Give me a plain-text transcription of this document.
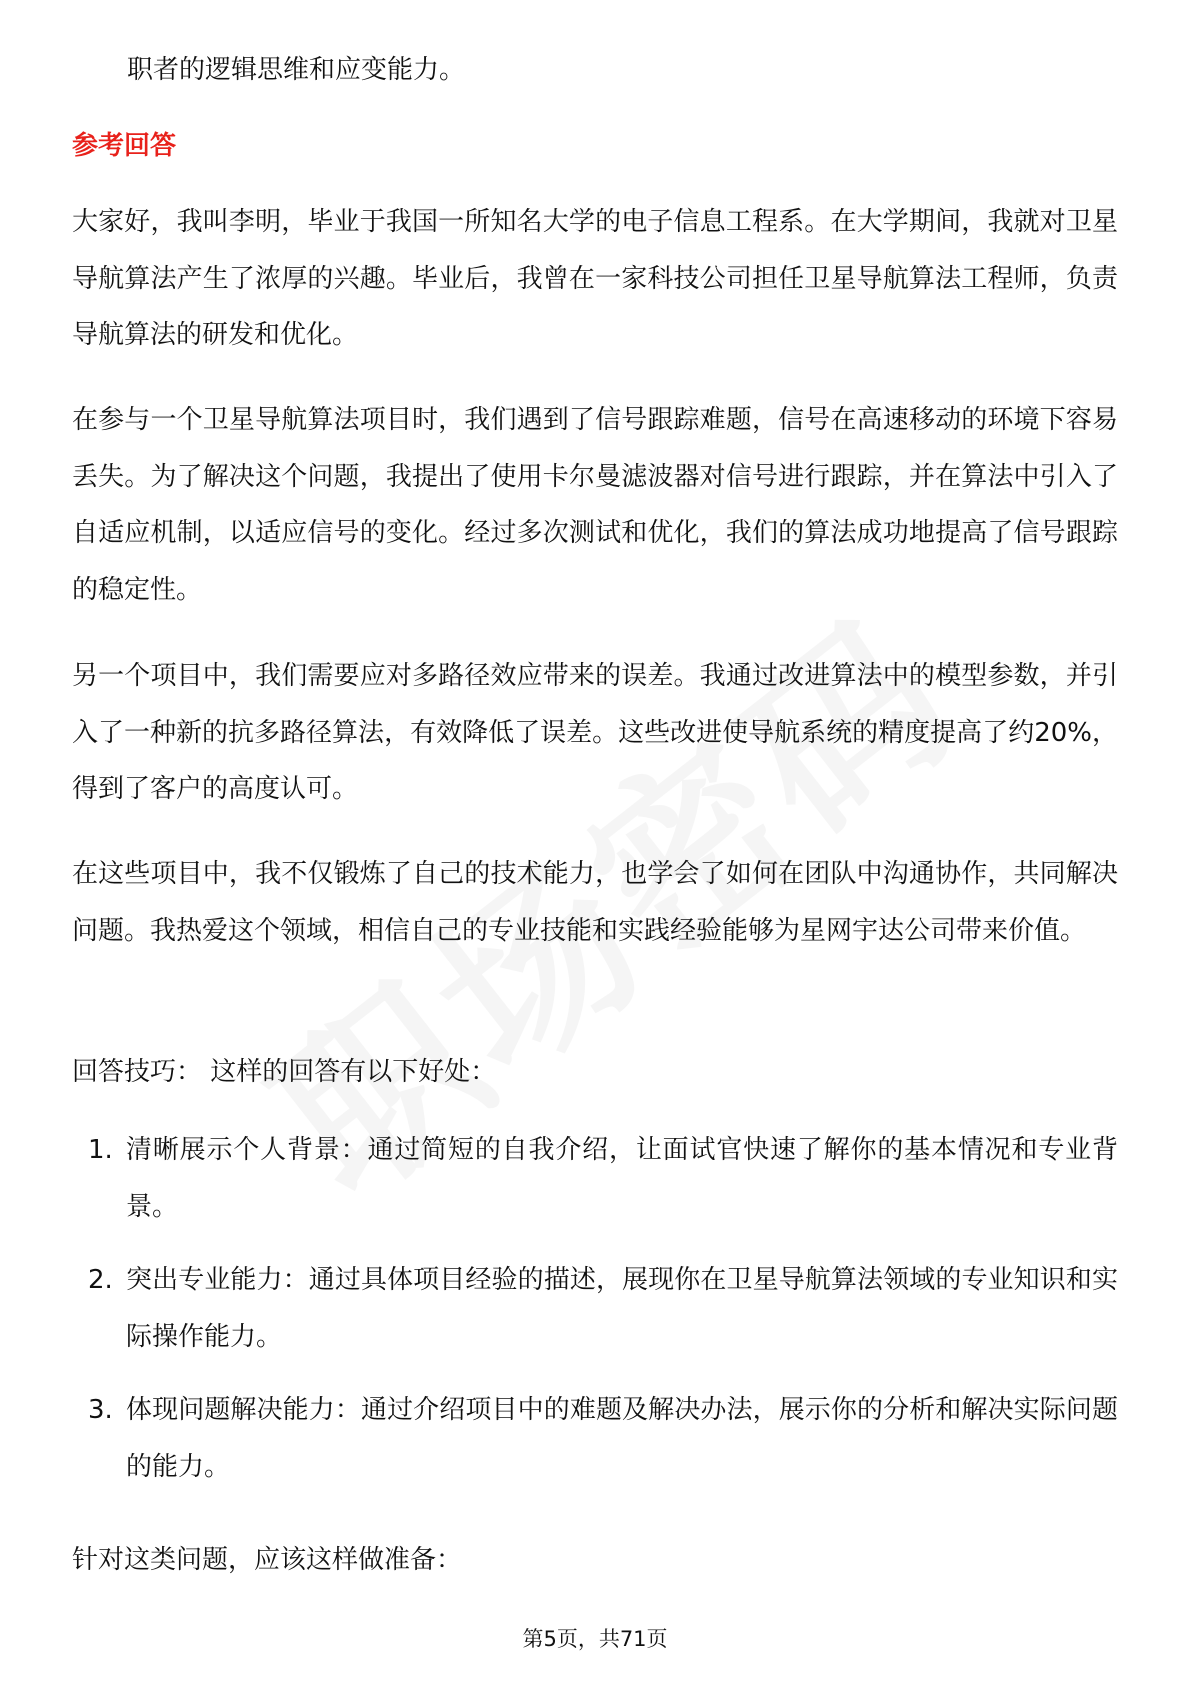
职者的逻辑思维和应变能力。

参考回答

大家好，我叫李明，毕业于我国一所知名大学的电子信息工程系。在大学期间，我就对卫星导航算法产生了浓厚的兴趣。毕业后，我曾在一家科技公司担任卫星导航算法工程师，负责导航算法的研发和优化。

在参与一个卫星导航算法项目时，我们遇到了信号跟踪难题，信号在高速移动的环境下容易丢失。为了解决这个问题，我提出了使用卡尔曼滤波器对信号进行跟踪，并在算法中引入了自适应机制，以适应信号的变化。经过多次测试和优化，我们的算法成功地提高了信号跟踪的稳定性。

另一个项目中，我们需要应对多路径效应带来的误差。我通过改进算法中的模型参数，并引入了一种新的抗多路径算法，有效降低了误差。这些改进使导航系统的精度提高了约20%，得到了客户的高度认可。

在这些项目中，我不仅锻炼了自己的技术能力，也学会了如何在团队中沟通协作，共同解决问题。我热爱这个领域，相信自己的专业技能和实践经验能够为星网宇达公司带来价值。

回答技巧： 这样的回答有以下好处：

1. 清晰展示个人背景：通过简短的自我介绍，让面试官快速了解你的基本情况和专业背景。
2. 突出专业能力：通过具体项目经验的描述，展现你在卫星导航算法领域的专业知识和实际操作能力。
3. 体现问题解决能力：通过介绍项目中的难题及解决办法，展示你的分析和解决实际问题的能力。

针对这类问题，应该这样做准备：

第5页，共71页
